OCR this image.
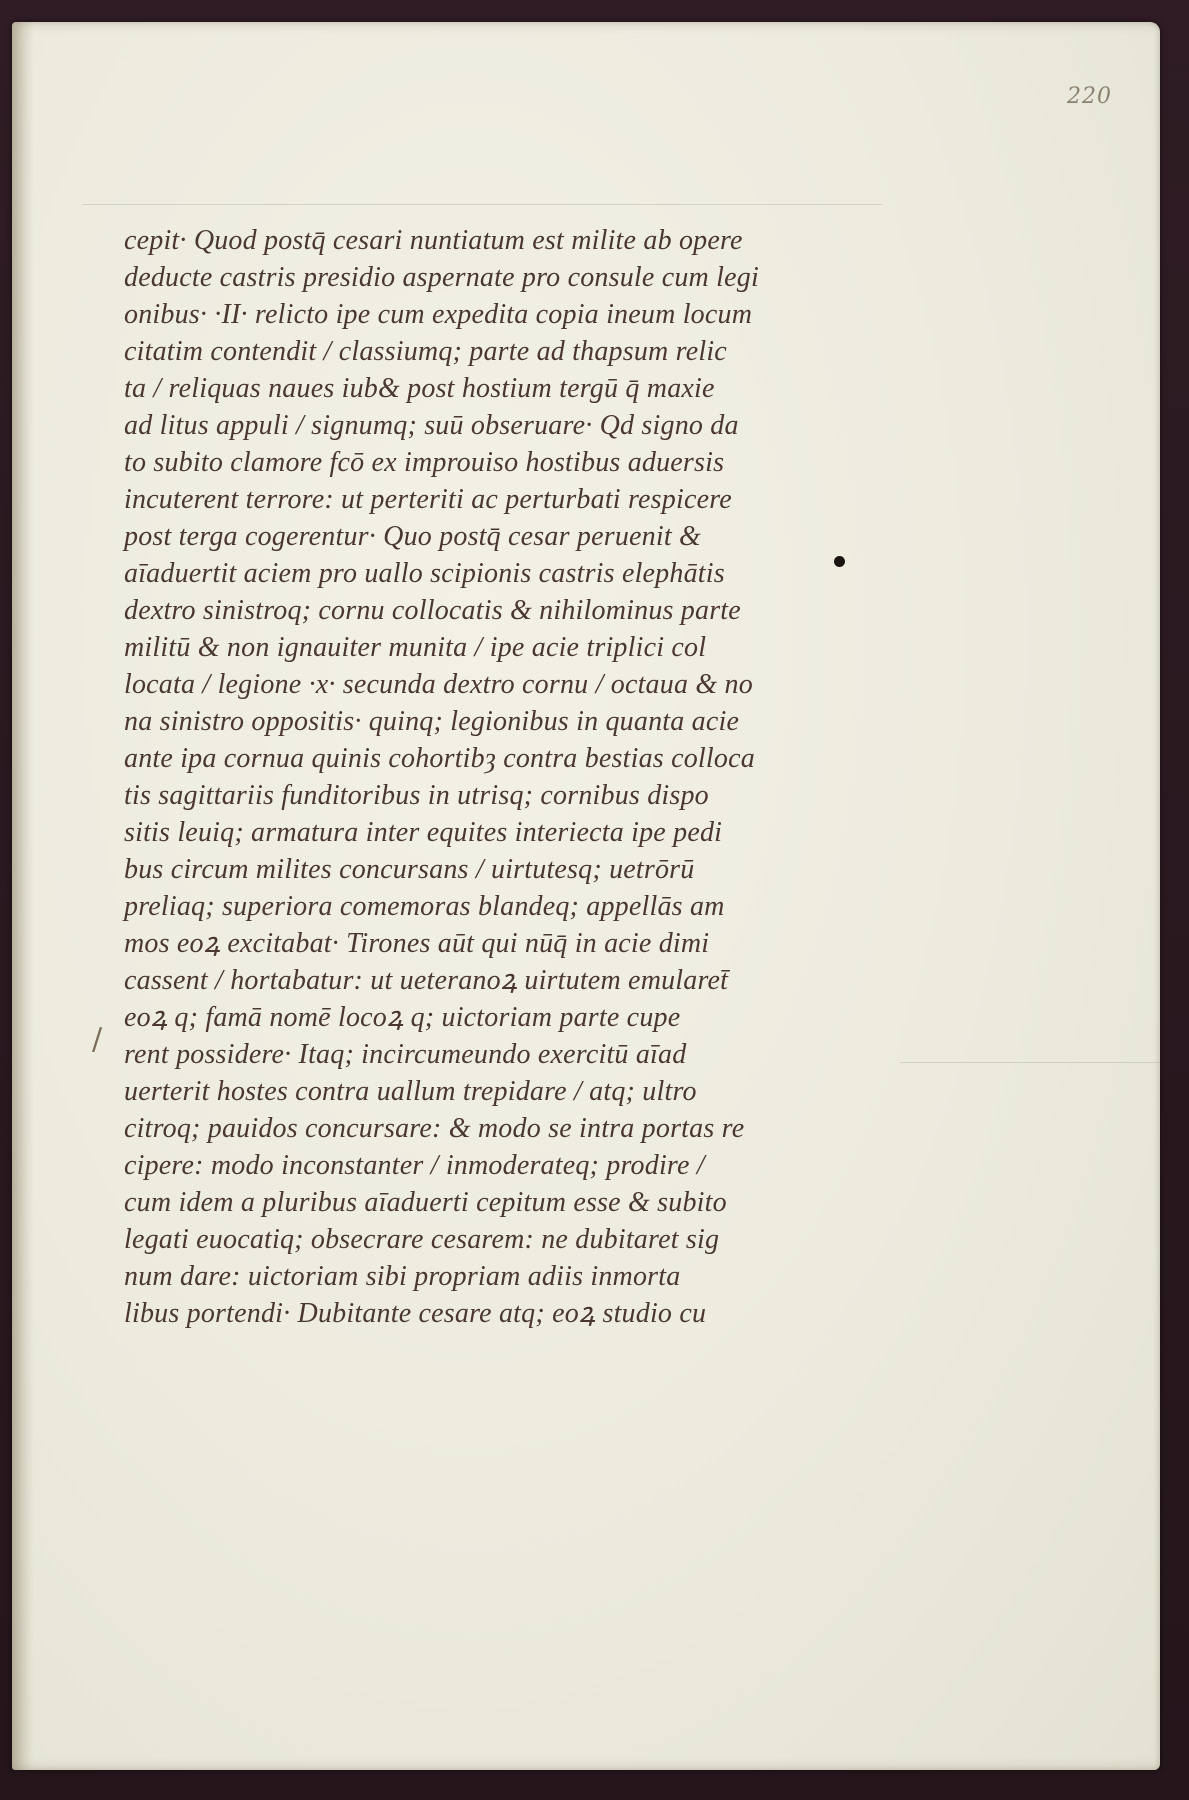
220
/
cepit· Quod postq̄ cesari nuntiatum est milite ab opere
deducte castris presidio aspernate pro consule cum legi
onibus· ·II· relicto ipe cum expedita copia ineum locum
citatim contendit / classiumq; parte ad thapsum relic
ta / reliquas naues iub& post hostium tergū q̄ maxie
ad litus appuli / signumq; suū obseruare· Qd signo da
to subito clamore fcō ex improuiso hostibus aduersis
incuterent terrore: ut perteriti ac perturbati respicere
post terga cogerentur· Quo postq̄ cesar peruenit &
aīaduertit aciem pro uallo scipionis castris elephātis
dextro sinistroq; cornu collocatis & nihilominus parte
militū & non ignauiter munita / ipe acie triplici col
locata / legione ·x· secunda dextro cornu / octaua & no
na sinistro oppositis· quinq; legionibus in quanta acie
ante ipa cornua quinis cohortibȝ contra bestias colloca
tis sagittariis funditoribus in utrisq; cornibus dispo
sitis leuiq; armatura inter equites interiecta ipe pedi
bus circum milites concursans / uirtutesq; uetrōrū
preliaq; superiora comemoras blandeq; appellās am
mos eoꝝ excitabat· Tirones aūt qui nūq̄ in acie dimi
cassent / hortabatur: ut ueteranoꝝ uirtutem emularet̄
eoꝝ q; famā nomē locoꝝ q; uictoriam parte cupe
rent possidere· Itaq; incircumeundo exercitū aīad
uerterit hostes contra uallum trepidare / atq; ultro
citroq; pauidos concursare: & modo se intra portas re
cipere: modo inconstanter / inmoderateq; prodire /
cum idem a pluribus aīaduerti cepitum esse & subito
legati euocatiq; obsecrare cesarem: ne dubitaret sig
num dare: uictoriam sibi propriam adiis inmorta
libus portendi· Dubitante cesare atq; eoꝝ studio cu
